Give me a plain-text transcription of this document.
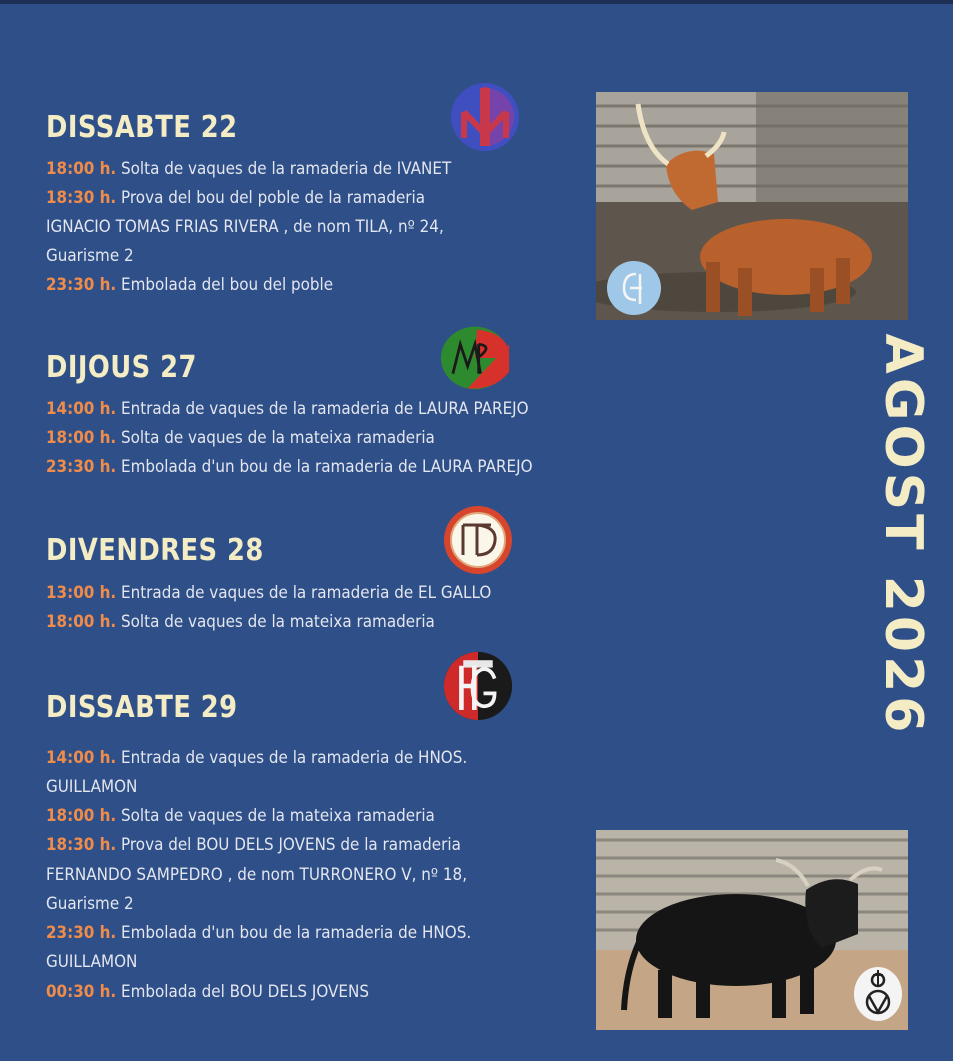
DISSABTE 22
18:00 h. Solta de vaques de la ramaderia de IVANET
18:30 h. Prova del bou del poble de la ramaderia
IGNACIO TOMAS FRIAS RIVERA , de nom TILA, nº 24,
Guarisme 2
23:30 h. Embolada del bou del poble
DIJOUS 27
14:00 h. Entrada de vaques de la ramaderia de LAURA PAREJO
18:00 h. Solta de vaques de la mateixa ramaderia
23:30 h. Embolada d'un bou de la ramaderia de LAURA PAREJO
DIVENDRES 28
13:00 h. Entrada de vaques de la ramaderia de EL GALLO
18:00 h. Solta de vaques de la mateixa ramaderia
DISSABTE 29
14:00 h. Entrada de vaques de la ramaderia de HNOS.
GUILLAMON
18:00 h. Solta de vaques de la mateixa ramaderia
18:30 h. Prova del BOU DELS JOVENS de la ramaderia
FERNANDO SAMPEDRO , de nom TURRONERO V, nº 18,
Guarisme 2
23:30 h. Embolada d'un bou de la ramaderia de HNOS.
GUILLAMON
00:30 h. Embolada del BOU DELS JOVENS
AGOST 2026
